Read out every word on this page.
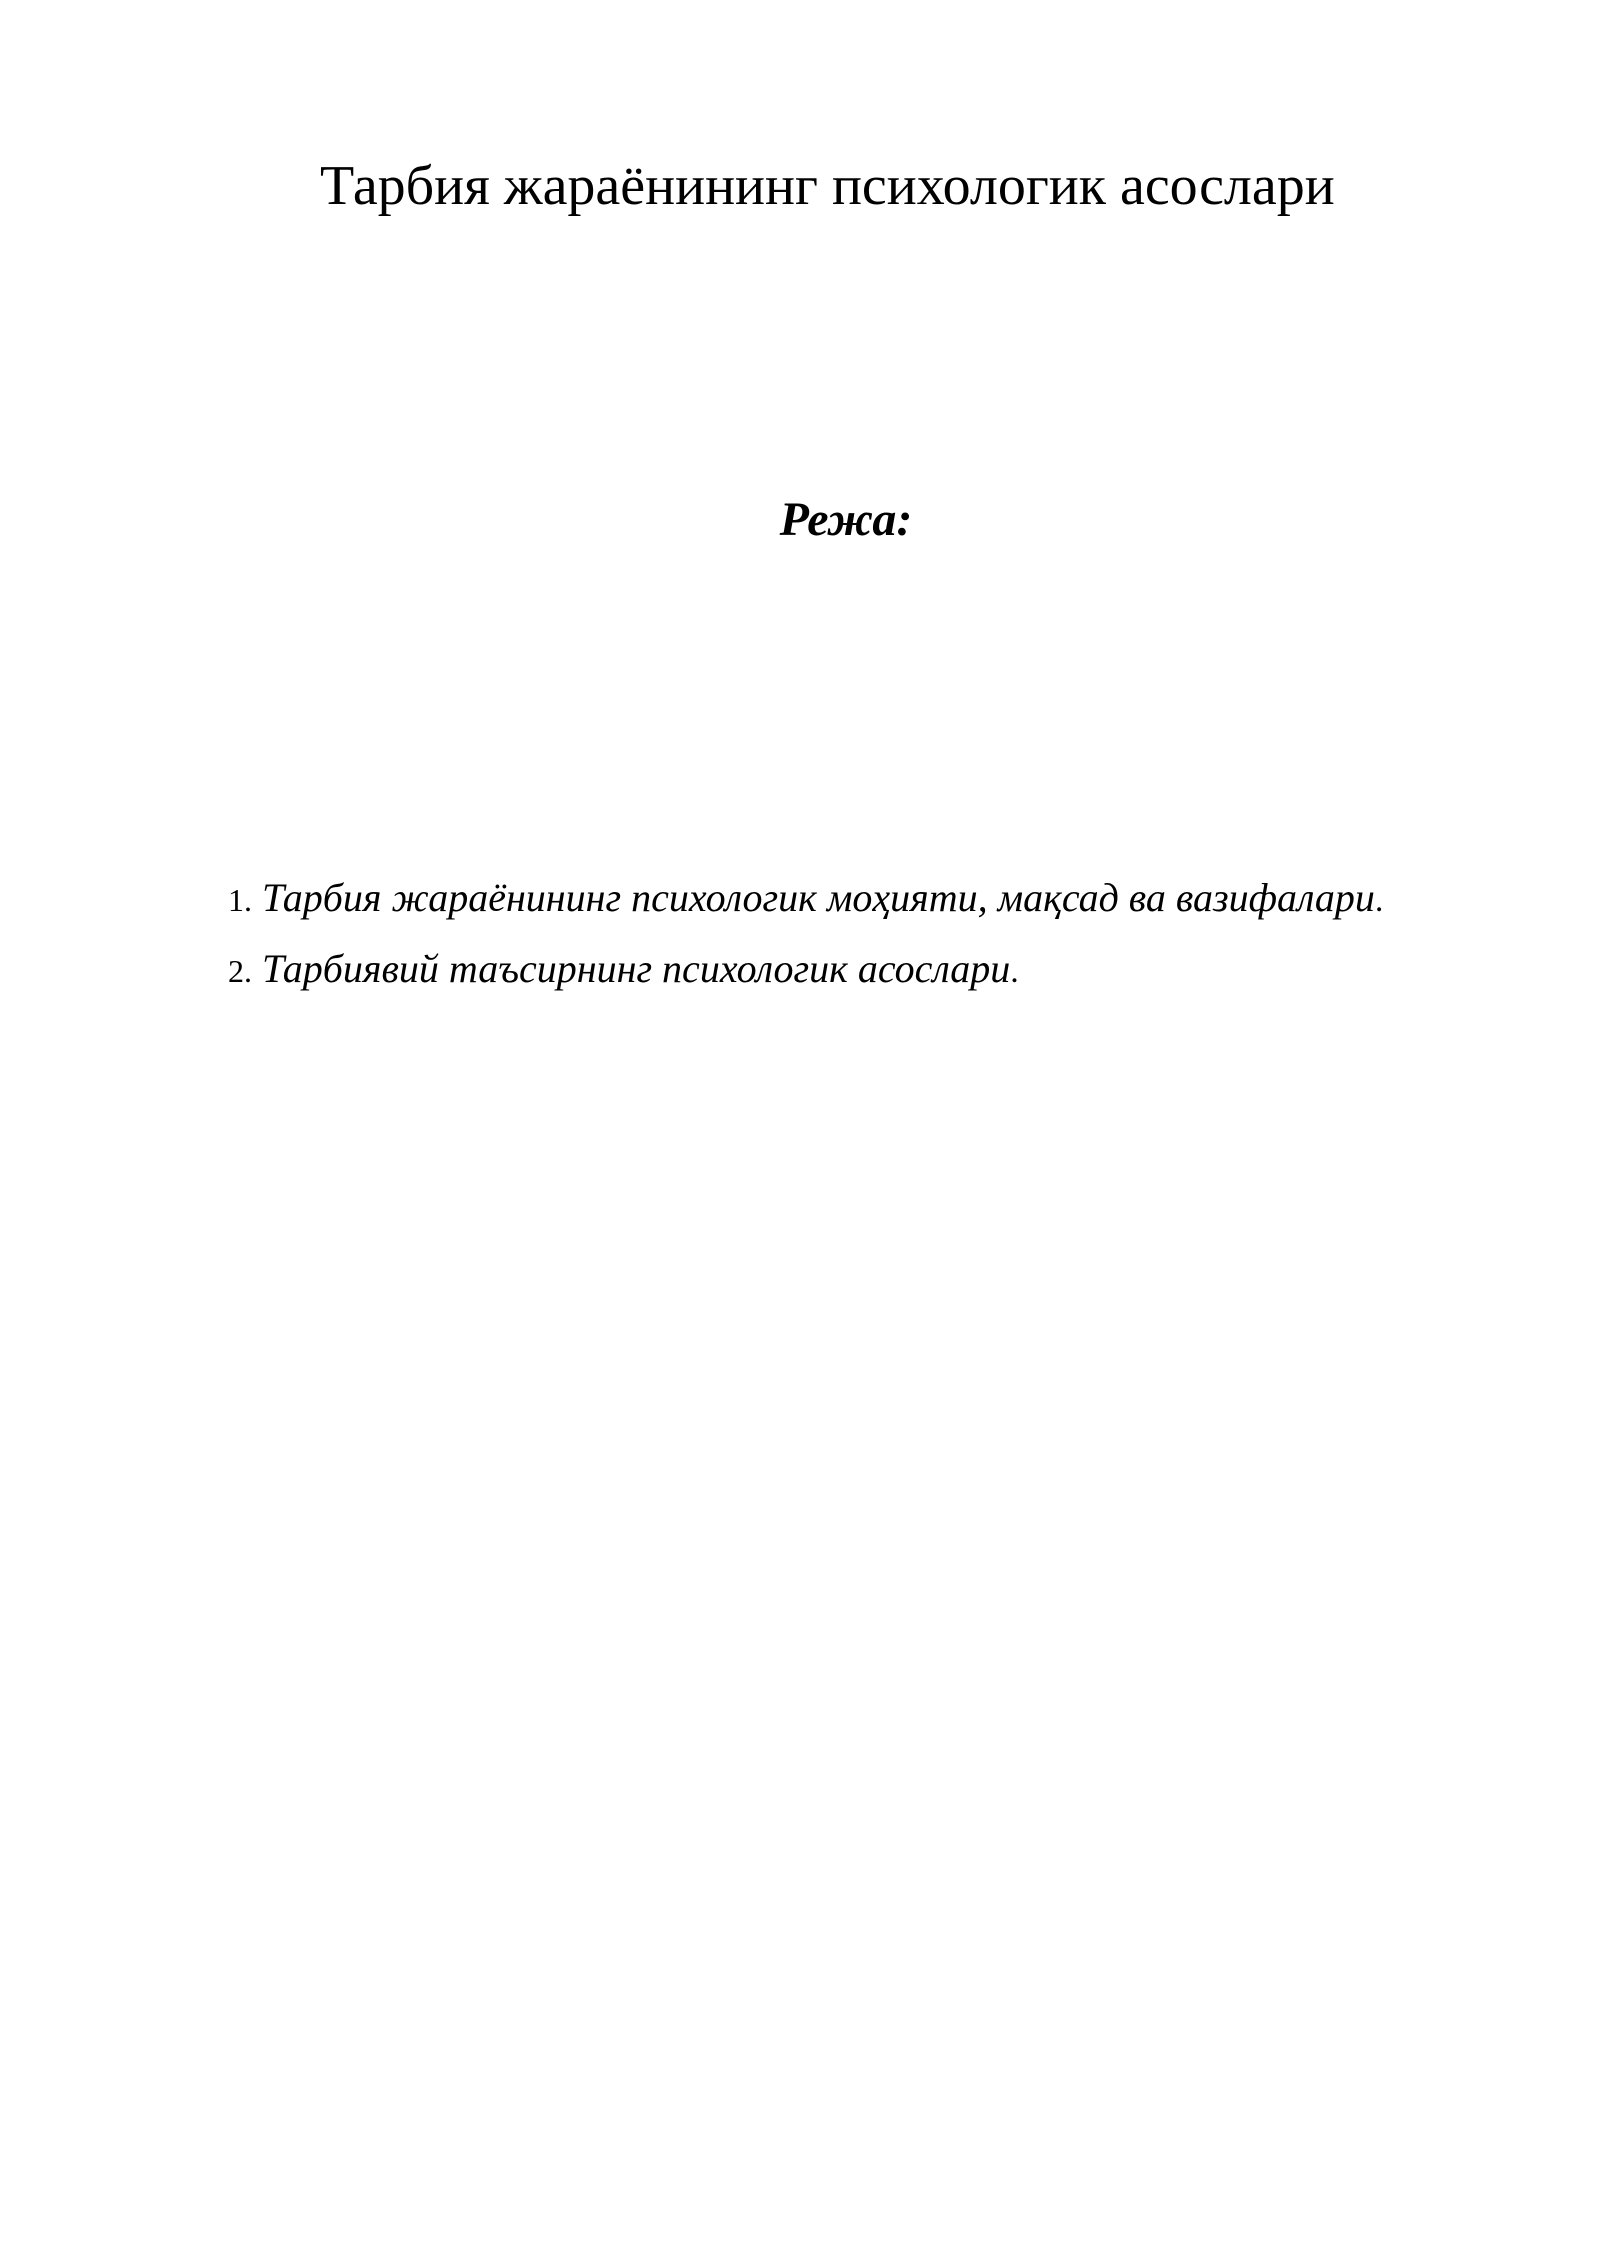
Тарбия жараёнининг психологик асослари
Режа:
1. Тарбия жараёнининг психологик моҳияти, мақсад ва вазифалари.
2. Тарбиявий таъсирнинг психологик асослари.
